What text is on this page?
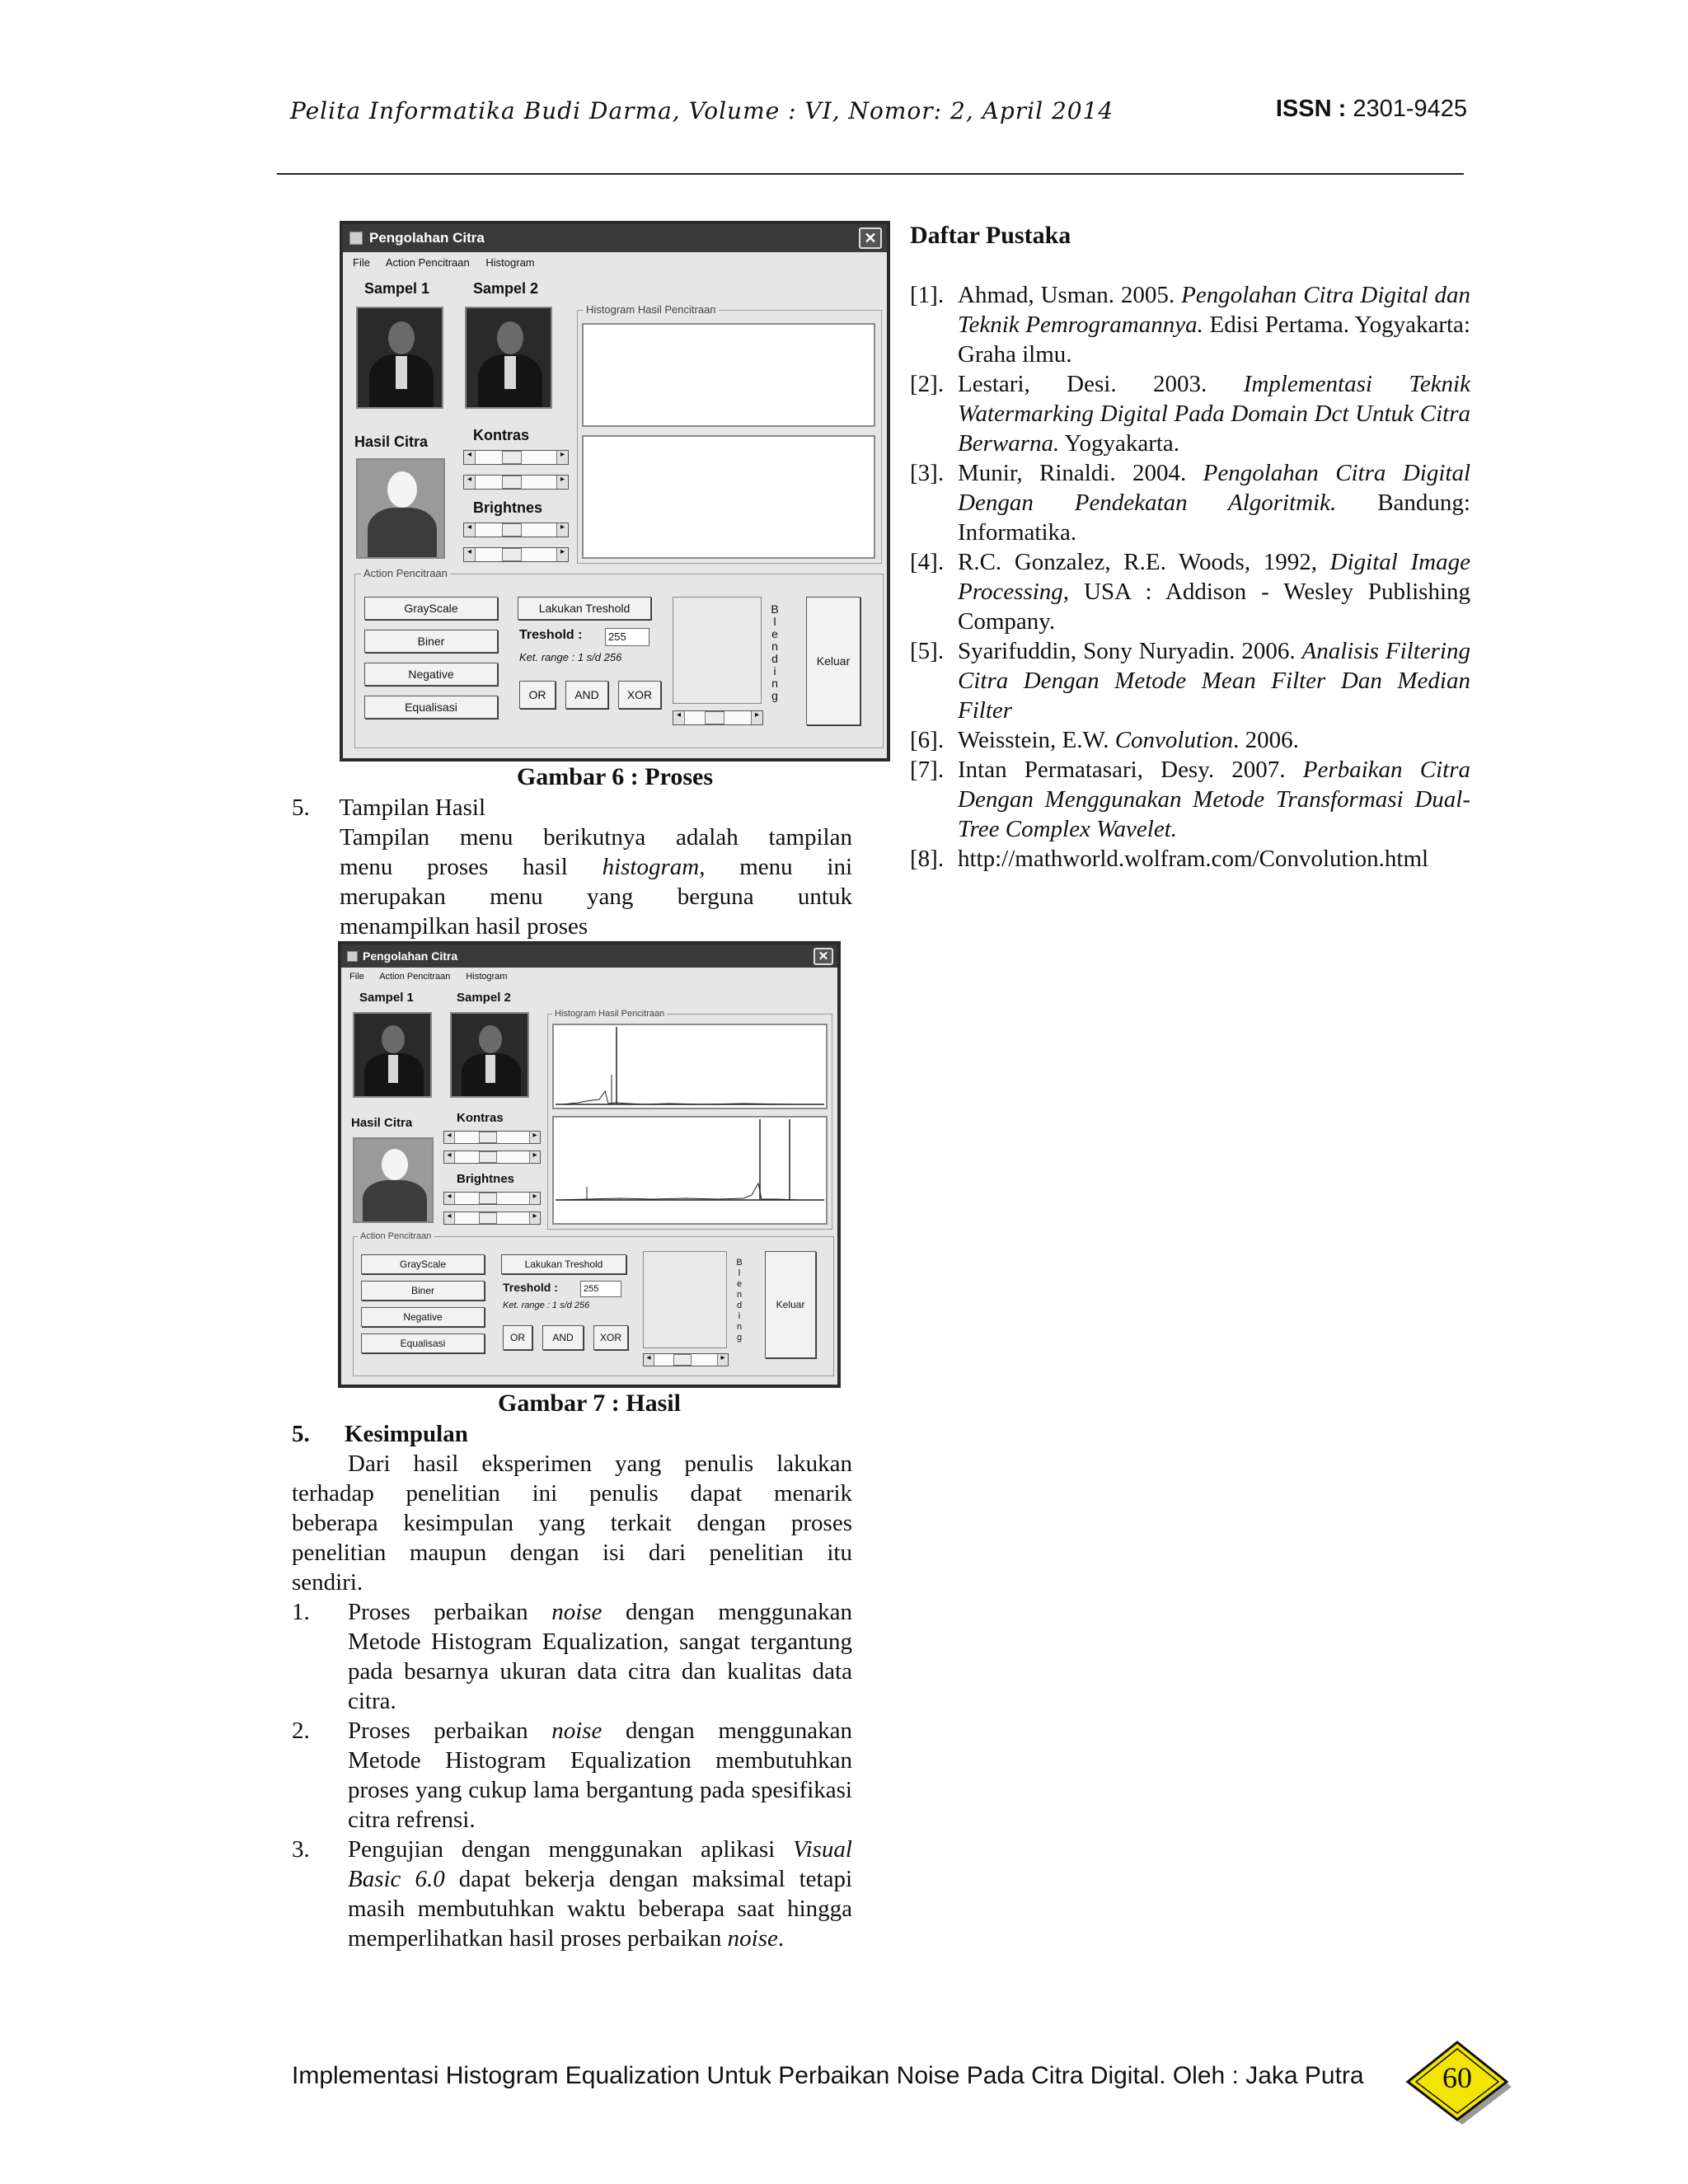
Pelita Informatika Budi Darma, Volume : VI, Nomor: 2, April 2014	ISSN : 2301-9425
Pengolahan Citra	✕
File Action Pencitraan Histogram
Sampel 1	Sampel 2
Hasil Citra	Kontras
◂	▸
◂	▸
Brightnes
◂	▸
◂	▸
Histogram Hasil Pencitraan
Action Pencitraan
GrayScale
Biner
Negative
Equalisasi
Lakukan Treshold
Treshold :	255
Ket. range : 1 s/d 256
OR	AND	XOR
◂	▸
B
l
e
n
d
i
n
g
Keluar
Gambar 6 : Proses
5.     Tampilan Hasil
Tampilan menu berikutnya adalah tampilan
menu proses hasil histogram, menu ini
merupakan menu yang berguna untuk
menampilkan hasil proses
Pengolahan Citra	✕
File Action Pencitraan Histogram
Sampel 1	Sampel 2
Hasil Citra	Kontras
◂	▸
◂	▸
Brightnes
◂	▸
◂	▸
Histogram Hasil Pencitraan
Action Pencitraan
GrayScale
Biner
Negative
Equalisasi
Lakukan Treshold
Treshold :	255
Ket. range : 1 s/d 256
OR	AND	XOR
◂	▸
B
l
e
n
d
i
n
g
Keluar
Gambar 7 : Hasil
5. Kesimpulan
Dari hasil eksperimen yang penulis lakukan
terhadap penelitian ini penulis dapat menarik
beberapa kesimpulan yang terkait dengan proses
penelitian maupun dengan isi dari penelitian itu
sendiri.
1.	Proses perbaikan noise dengan menggunakan Metode Histogram Equalization, sangat tergantung pada besarnya ukuran data citra dan kualitas data citra.
2.	Proses perbaikan noise dengan menggunakan Metode Histogram Equalization membutuhkan proses yang cukup lama bergantung pada spesifikasi citra refrensi.
3.	Pengujian dengan menggunakan aplikasi Visual Basic 6.0 dapat bekerja dengan maksimal tetapi masih membutuhkan waktu beberapa saat hingga memperlihatkan hasil proses perbaikan noise.
Daftar Pustaka
[1]. Ahmad, Usman. 2005. Pengolahan Citra Digital dan Teknik Pemrogramannya. Edisi Pertama. Yogyakarta: Graha ilmu.
[2]. Lestari, Desi. 2003. Implementasi Teknik Watermarking Digital Pada Domain Dct Untuk Citra Berwarna. Yogyakarta.
[3]. Munir, Rinaldi. 2004. Pengolahan Citra Digital Dengan Pendekatan Algoritmik. Bandung: Informatika.
[4]. R.C. Gonzalez, R.E. Woods, 1992, Digital Image Processing, USA : Addison - Wesley Publishing Company.
[5]. Syarifuddin, Sony Nuryadin. 2006. Analisis Filtering Citra Dengan Metode Mean Filter Dan Median Filter
[6]. Weisstein, E.W. Convolution. 2006.
[7]. Intan Permatasari, Desy. 2007. Perbaikan Citra Dengan Menggunakan Metode Transformasi Dual-Tree Complex Wavelet.
[8]. http://mathworld.wolfram.com/Convolution.html
Implementasi Histogram Equalization Untuk Perbaikan Noise Pada Citra Digital. Oleh : Jaka Putra	60
